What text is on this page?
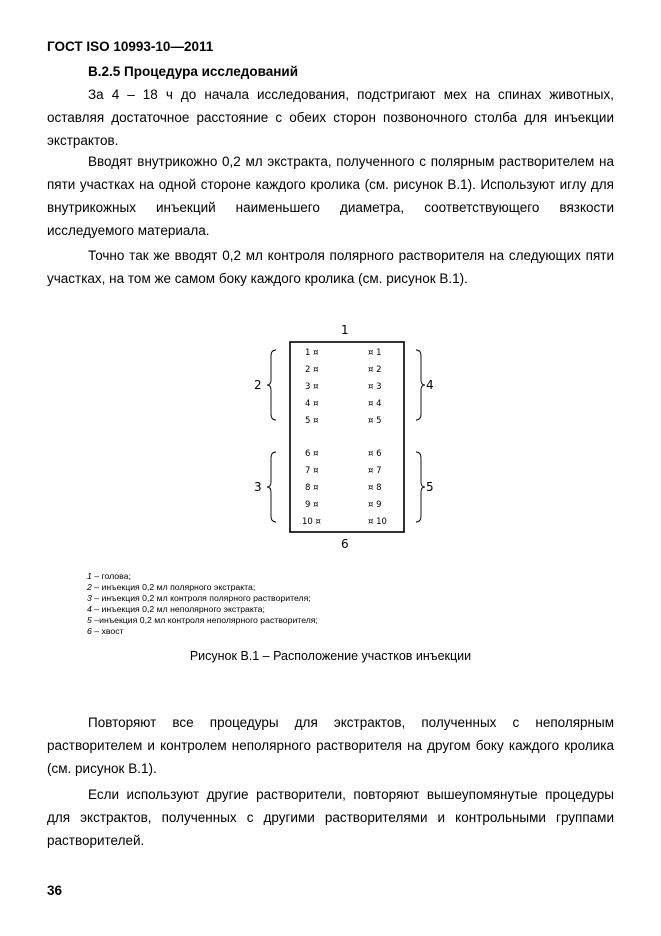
ГОСТ ISO 10993-10—2011
В.2.5 Процедура исследований

За 4 – 18 ч до начала исследования, подстригают мех на спинах животных, оставляя достаточное расстояние с обеих сторон позвоночного столба для инъекции экстрактов.

Вводят внутрикожно 0,2 мл экстракта, полученного с полярным растворителем на пяти участках на одной стороне каждого кролика (см. рисунок В.1). Используют иглу для внутрикожных инъекций наименьшего диаметра, соответствующего вязкости исследуемого материала.

Точно так же вводят 0,2 мл контроля полярного растворителя на следующих пяти участках, на том же самом боку каждого кролика (см. рисунок В.1).

1
2
3
4
5
6
1 ¤
2 ¤
3 ¤
4 ¤
5 ¤
6 ¤
7 ¤
8 ¤
9 ¤
10 ¤
¤ 1
¤ 2
¤ 3
¤ 4
¤ 5
¤ 6
¤ 7
¤ 8
¤ 9
¤ 10
1 – голова;
2 – инъекция 0,2 мл полярного экстракта;
3 – инъекция 0,2 мл контроля полярного растворителя;
4 – инъекция 0,2 мл неполярного экстракта;
5 –инъекция 0,2 мл контроля неполярного растворителя;
6 – хвост
Рисунок В.1 – Расположение участков инъекции

Повторяют все процедуры для экстрактов, полученных с неполярным растворителем и контролем неполярного растворителя на другом боку каждого кролика (см. рисунок В.1).

Если используют другие растворители, повторяют вышеупомянутые процедуры для экстрактов, полученных с другими растворителями и контрольными группами растворителей.

36
